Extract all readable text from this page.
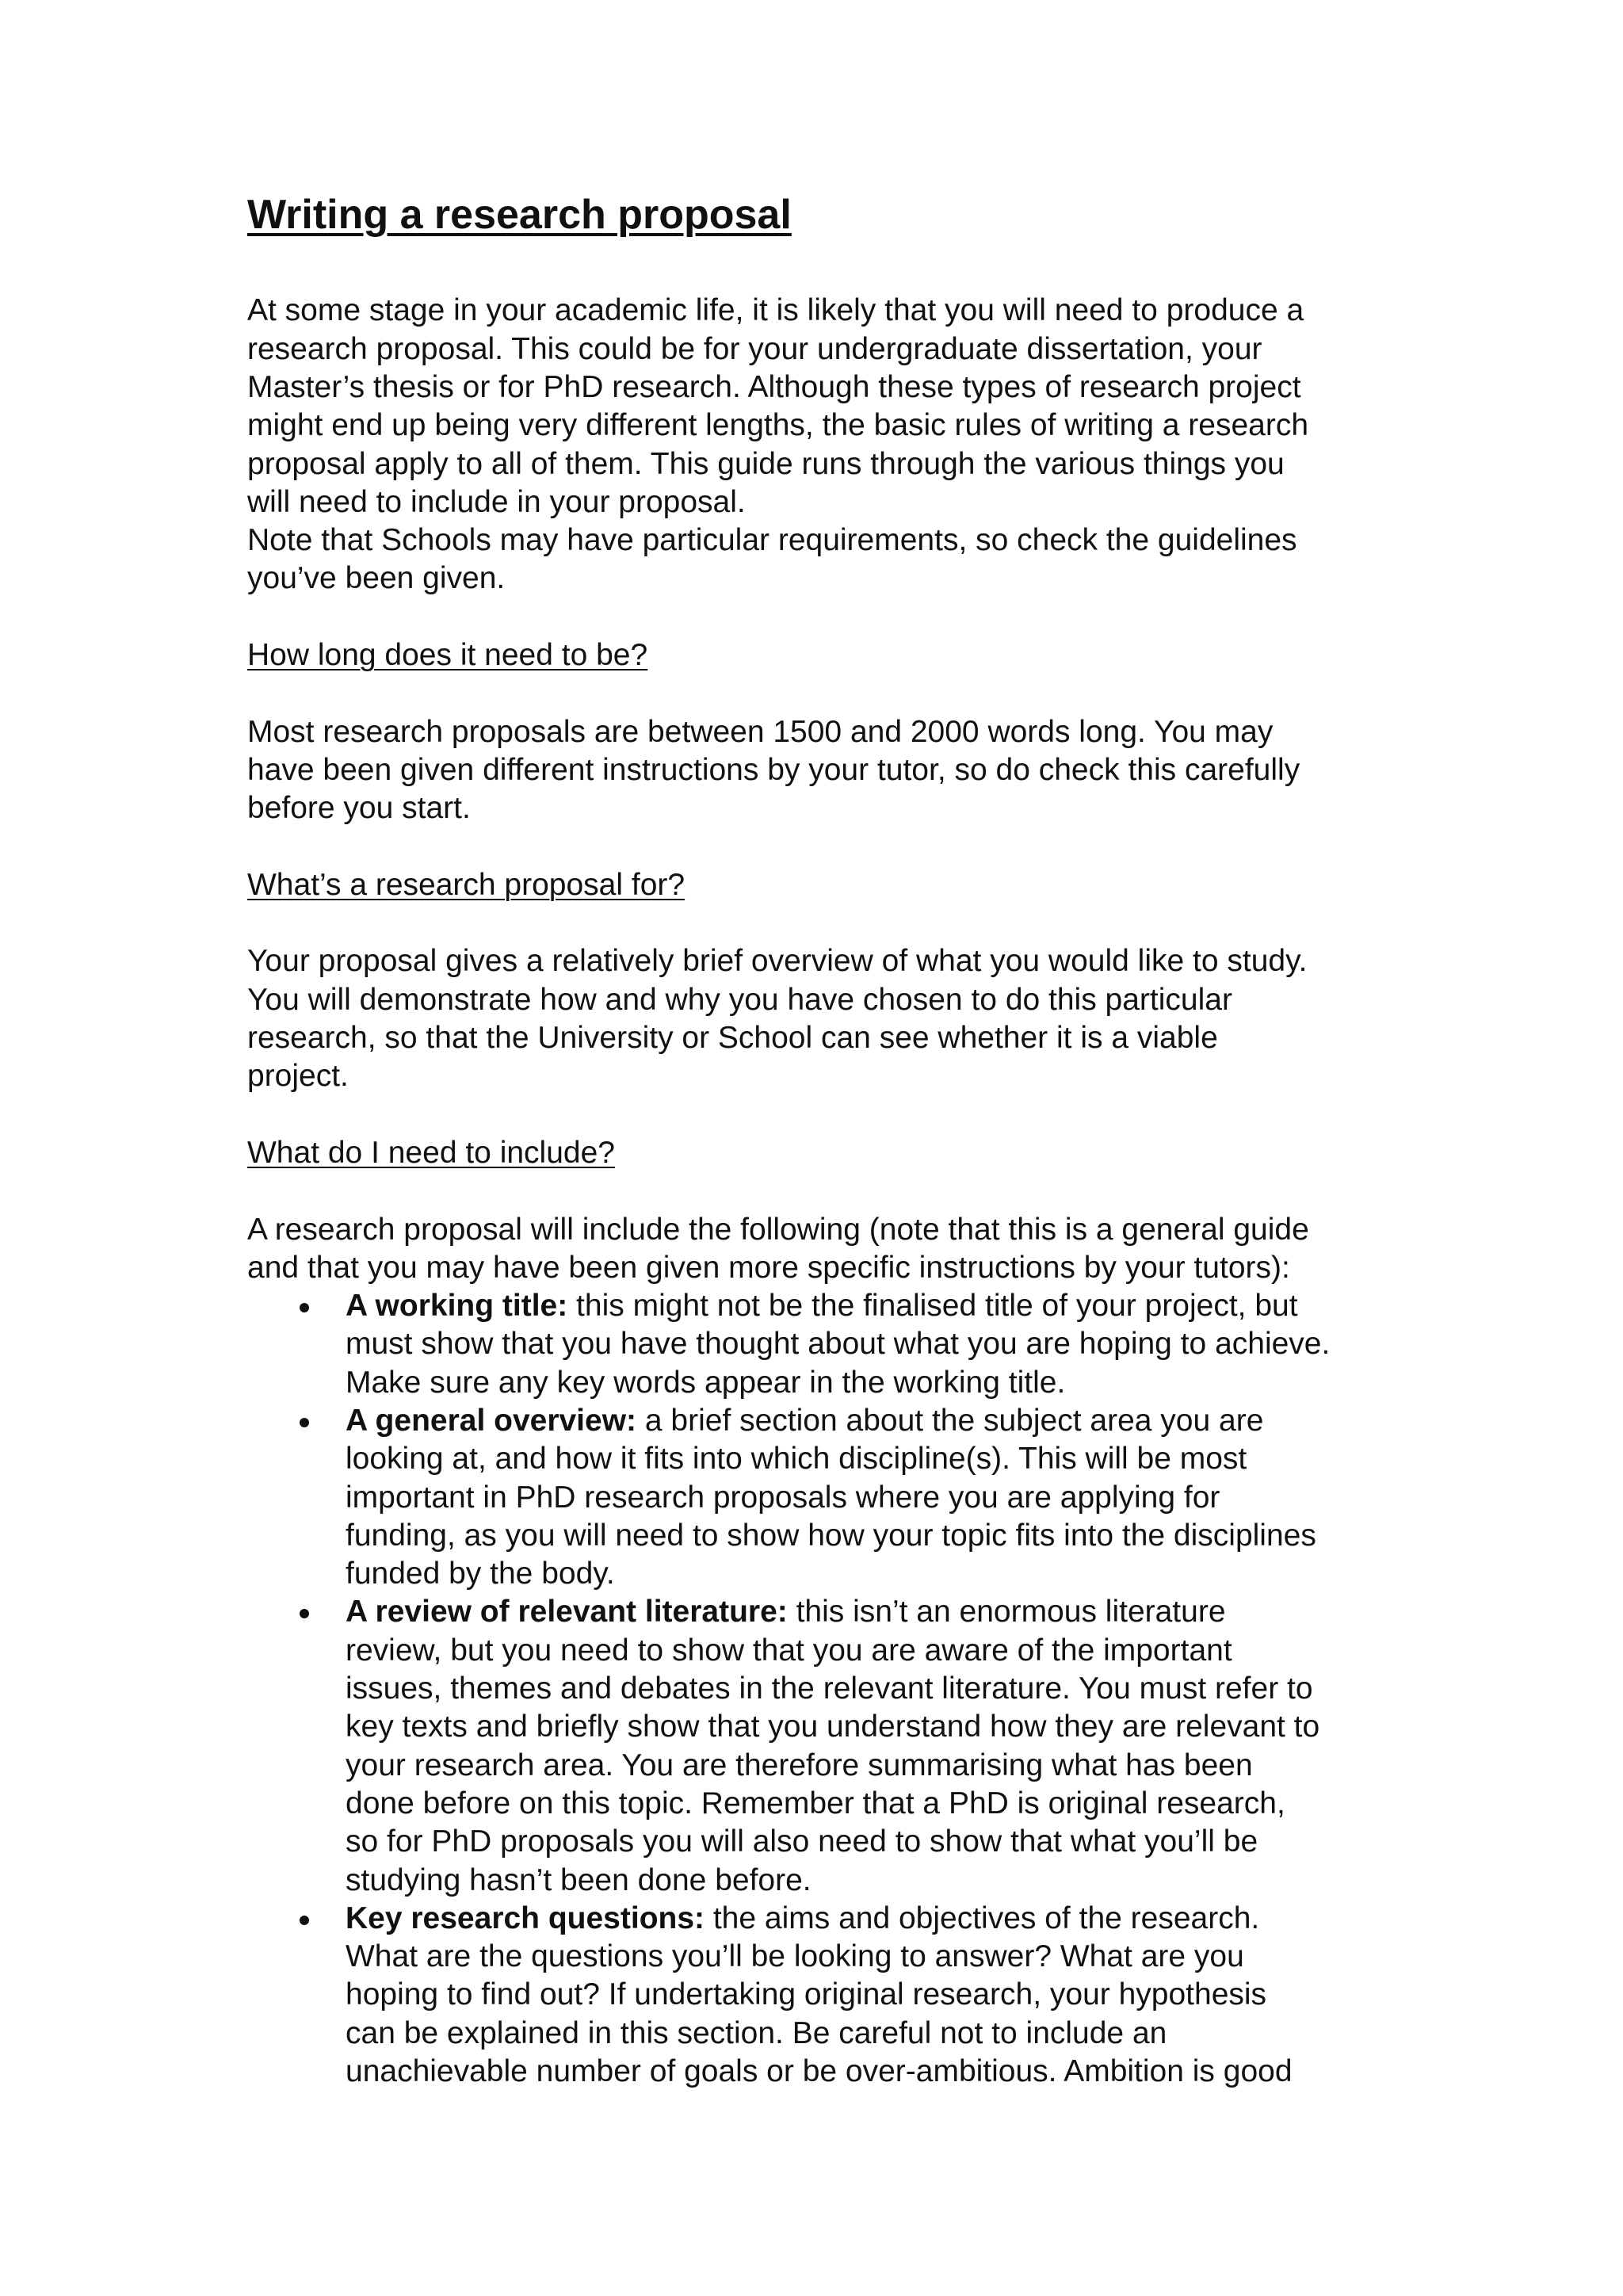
Writing a research proposal

At some stage in your academic life, it is likely that you will need to produce a

research proposal. This could be for your undergraduate dissertation, your

Master’s thesis or for PhD research. Although these types of research project

might end up being very different lengths, the basic rules of writing a research

proposal apply to all of them. This guide runs through the various things you

will need to include in your proposal.

Note that Schools may have particular requirements, so check the guidelines

you’ve been given.

How long does it need to be?

Most research proposals are between 1500 and 2000 words long. You may

have been given different instructions by your tutor, so do check this carefully

before you start.

What’s a research proposal for?

Your proposal gives a relatively brief overview of what you would like to study.

You will demonstrate how and why you have chosen to do this particular

research, so that the University or School can see whether it is a viable

project.

What do I need to include?

A research proposal will include the following (note that this is a general guide

and that you may have been given more specific instructions by your tutors):

A working title: this might not be the finalised title of your project, but
must show that you have thought about what you are hoping to achieve.
Make sure any key words appear in the working title.
A general overview: a brief section about the subject area you are
looking at, and how it fits into which discipline(s). This will be most
important in PhD research proposals where you are applying for
funding, as you will need to show how your topic fits into the disciplines
funded by the body.
A review of relevant literature: this isn’t an enormous literature
review, but you need to show that you are aware of the important
issues, themes and debates in the relevant literature. You must refer to
key texts and briefly show that you understand how they are relevant to
your research area. You are therefore summarising what has been
done before on this topic. Remember that a PhD is original research,
so for PhD proposals you will also need to show that what you’ll be
studying hasn’t been done before.
Key research questions: the aims and objectives of the research.
What are the questions you’ll be looking to answer? What are you
hoping to find out? If undertaking original research, your hypothesis
can be explained in this section. Be careful not to include an
unachievable number of goals or be over-ambitious. Ambition is good
